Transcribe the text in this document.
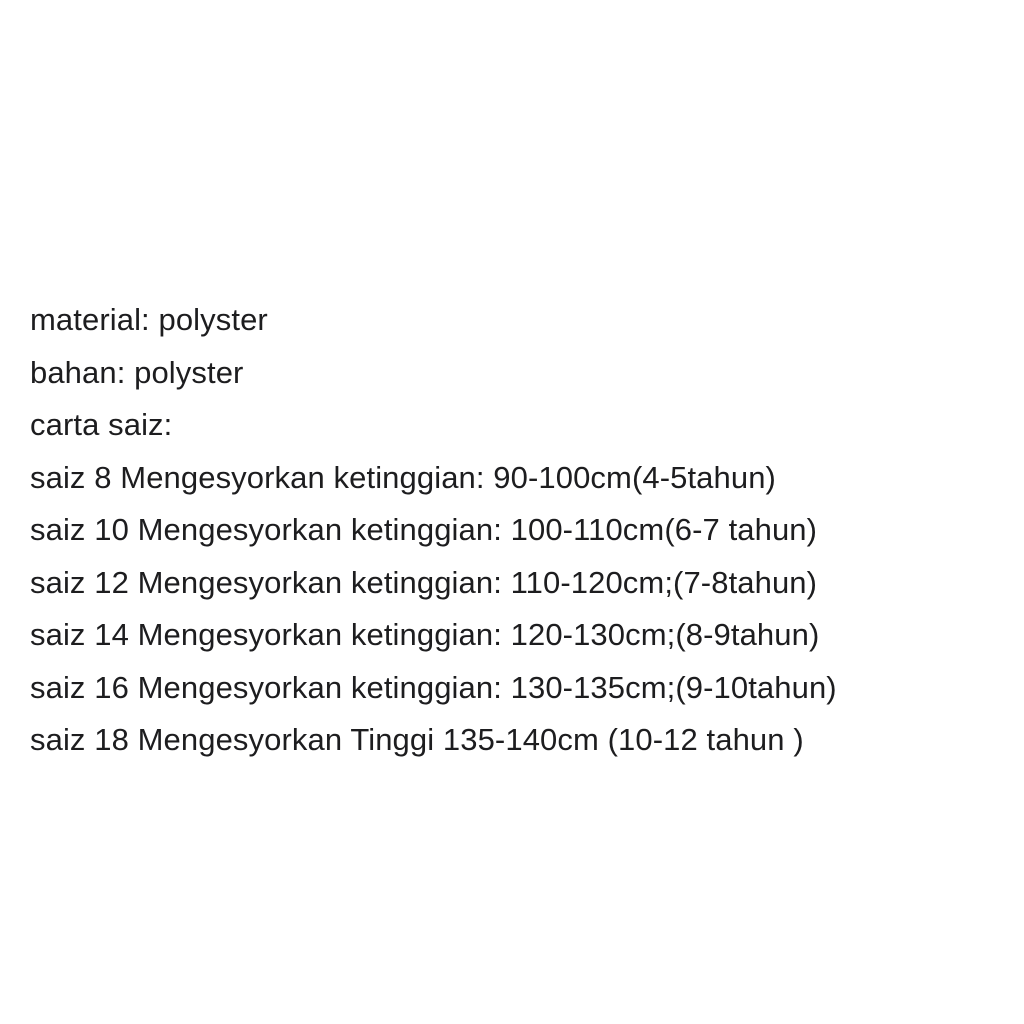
material: polyster
bahan: polyster
carta saiz:
saiz 8 Mengesyorkan ketinggian: 90-100cm(4-5tahun)
saiz 10 Mengesyorkan ketinggian: 100-110cm(6-7 tahun)
saiz 12 Mengesyorkan ketinggian: 110-120cm;(7-8tahun)
saiz 14 Mengesyorkan ketinggian: 120-130cm;(8-9tahun)
saiz 16 Mengesyorkan ketinggian: 130-135cm;(9-10tahun)
saiz 18 Mengesyorkan Tinggi 135-140cm (10-12 tahun )
